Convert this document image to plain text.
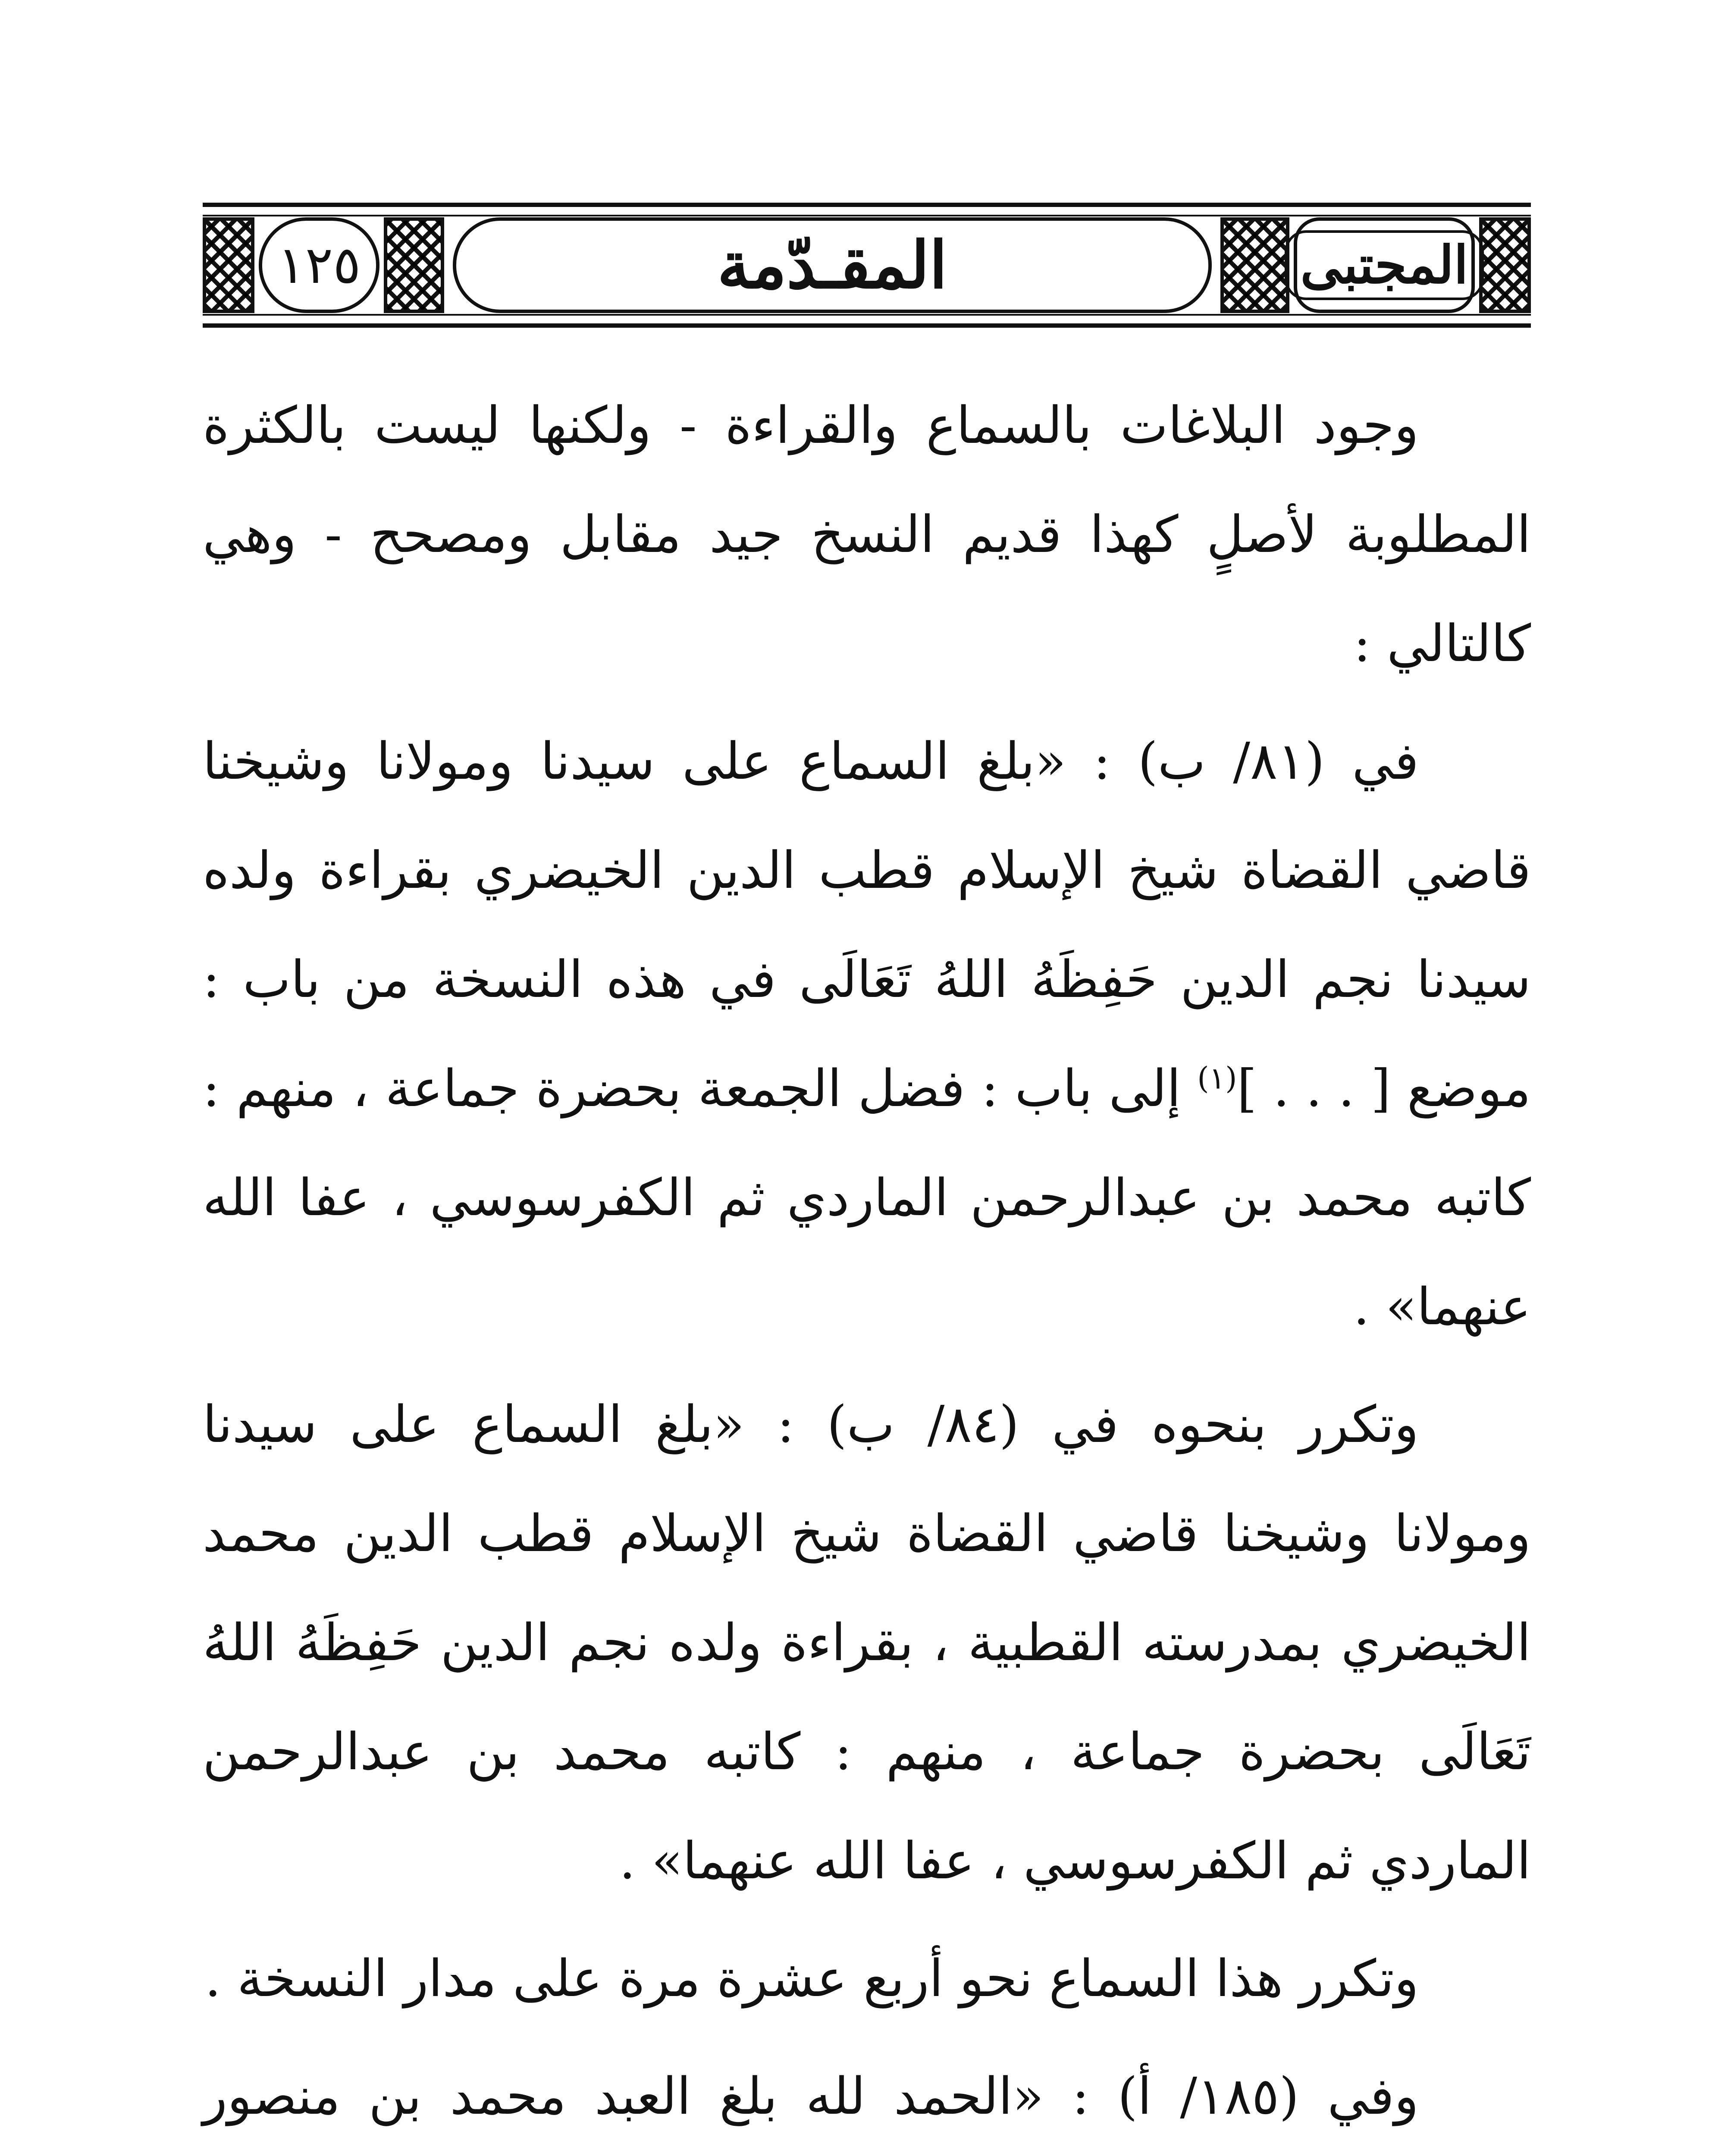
المجتبى
المقـدّمة
١٢٥

وجود البلاغات بالسماع والقراءة - ولكنها ليست بالكثرة المطلوبة لأصلٍ كهذا قديم النسخ جيد مقابل ومصحح - وهي كالتالي :

في (٨١/ ب) : «بلغ السماع على سيدنا ومولانا وشيخنا قاضي القضاة شيخ الإسلام قطب الدين الخيضري بقراءة ولده سيدنا نجم الدين حَفِظَهُ اللهُ تَعَالَى في هذه النسخة من باب : موضع [ . . . ]$^{(١)}$ إلى باب : فضل الجمعة بحضرة جماعة ، منهم : كاتبه محمد بن عبدالرحمن الماردي ثم الكفرسوسي ، عفا الله عنهما» .

وتكرر بنحوه في (٨٤/ ب) : «بلغ السماع على سيدنا ومولانا وشيخنا قاضي القضاة شيخ الإسلام قطب الدين محمد الخيضري بمدرسته القطبية ، بقراءة ولده نجم الدين حَفِظَهُ اللهُ تَعَالَى بحضرة جماعة ، منهم : كاتبه محمد بن عبدالرحمن الماردي ثم الكفرسوسي ، عفا الله عنهما» .

وتكرر هذا السماع نحو أربع عشرة مرة على مدار النسخة .

وفي (١٨٥/ أ) : «الحمد لله بلغ العبد محمد بن منصور
